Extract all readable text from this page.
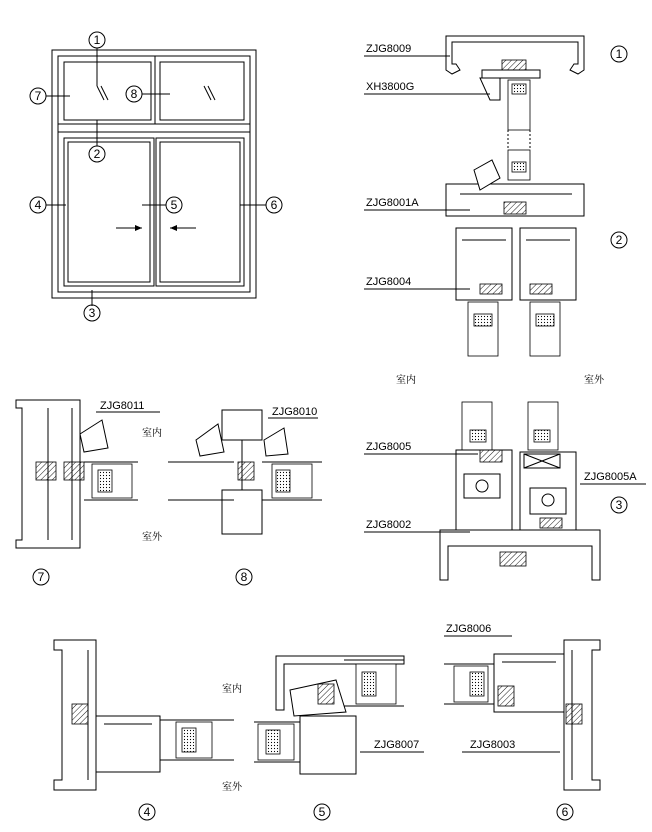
1
7	8
2
4	5	6
3
ZJG8009
XH3800G
ZJG8001A
ZJG8004
1
2
室内	室外
ZJG8011
室内
室外
7
ZJG8010
8
ZJG8005
ZJG8005A
ZJG8002
3
4
ZJG8007
室内
室外
5
ZJG8006
ZJG8003
6
